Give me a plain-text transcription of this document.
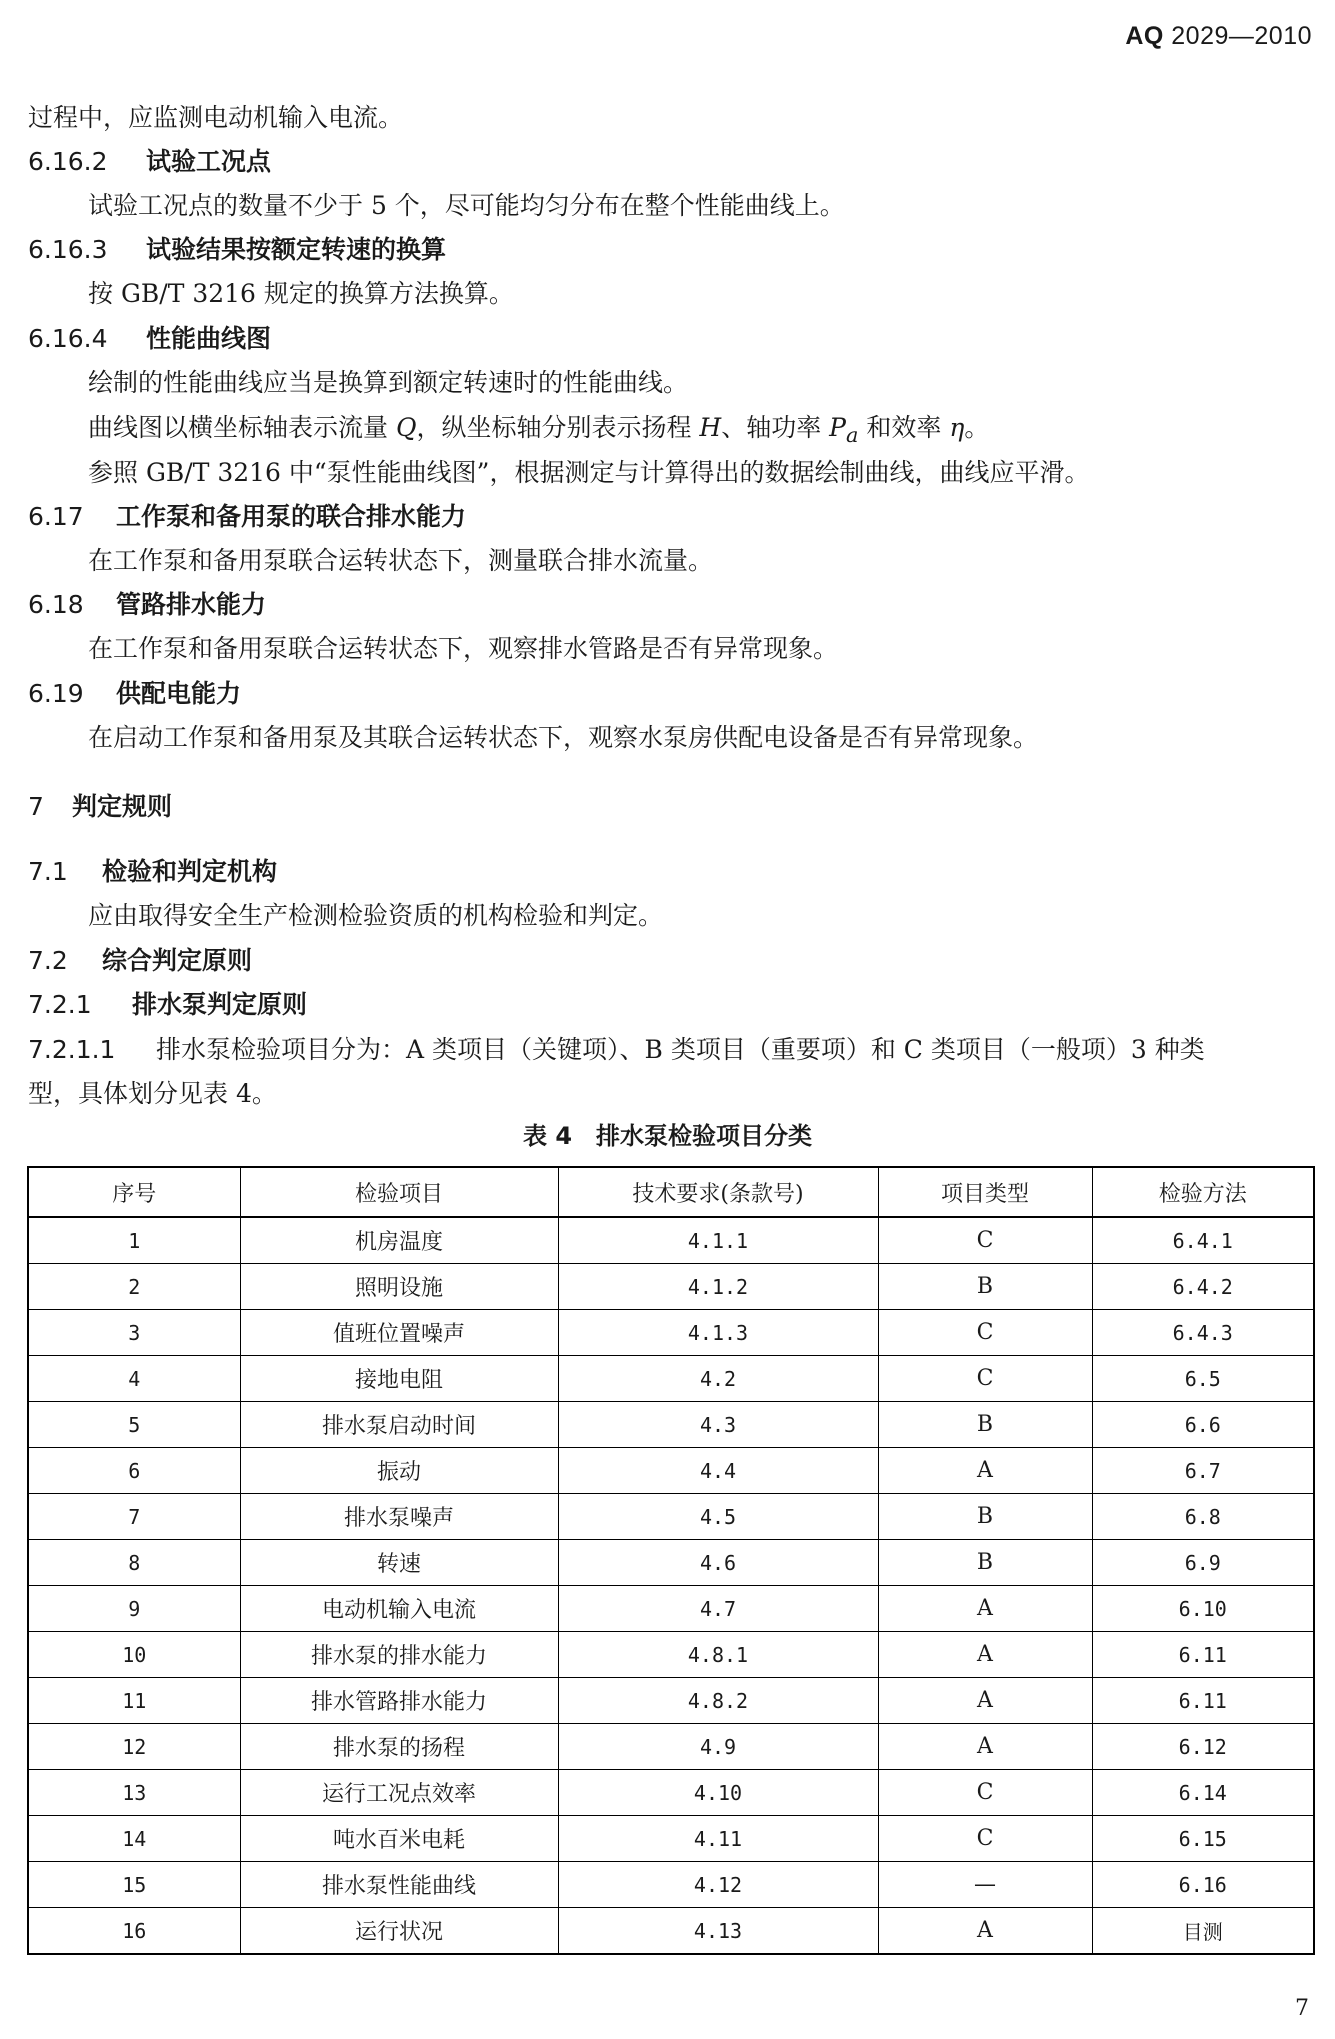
AQ 2029—2010
过程中，应监测电动机输入电流。
6.16.2 试验工况点
试验工况点的数量不少于 5 个，尽可能均匀分布在整个性能曲线上。
6.16.3 试验结果按额定转速的换算
按 GB/T 3216 规定的换算方法换算。
6.16.4 性能曲线图
绘制的性能曲线应当是换算到额定转速时的性能曲线。
曲线图以横坐标轴表示流量 Q，纵坐标轴分别表示扬程 H、轴功率 $P_a$ 和效率 η。
参照 GB/T 3216 中“泵性能曲线图”，根据测定与计算得出的数据绘制曲线，曲线应平滑。
6.17 工作泵和备用泵的联合排水能力
在工作泵和备用泵联合运转状态下，测量联合排水流量。
6.18 管路排水能力
在工作泵和备用泵联合运转状态下，观察排水管路是否有异常现象。
6.19 供配电能力
在启动工作泵和备用泵及其联合运转状态下，观察水泵房供配电设备是否有异常现象。
7 判定规则
7.1 检验和判定机构
应由取得安全生产检测检验资质的机构检验和判定。
7.2 综合判定原则
7.2.1 排水泵判定原则
7.2.1.1 排水泵检验项目分为：A 类项目（关键项）、B 类项目（重要项）和 C 类项目（一般项）3 种类
型，具体划分见表 4。
表 4　排水泵检验项目分类
序号	检验项目	技术要求(条款号)	项目类型	检验方法
1	机房温度	4.1.1	C	6.4.1
2	照明设施	4.1.2	B	6.4.2
3	值班位置噪声	4.1.3	C	6.4.3
4	接地电阻	4.2	C	6.5
5	排水泵启动时间	4.3	B	6.6
6	振动	4.4	A	6.7
7	排水泵噪声	4.5	B	6.8
8	转速	4.6	B	6.9
9	电动机输入电流	4.7	A	6.10
10	排水泵的排水能力	4.8.1	A	6.11
11	排水管路排水能力	4.8.2	A	6.11
12	排水泵的扬程	4.9	A	6.12
13	运行工况点效率	4.10	C	6.14
14	吨水百米电耗	4.11	C	6.15
15	排水泵性能曲线	4.12	—	6.16
16	运行状况	4.13	A	目测
7
